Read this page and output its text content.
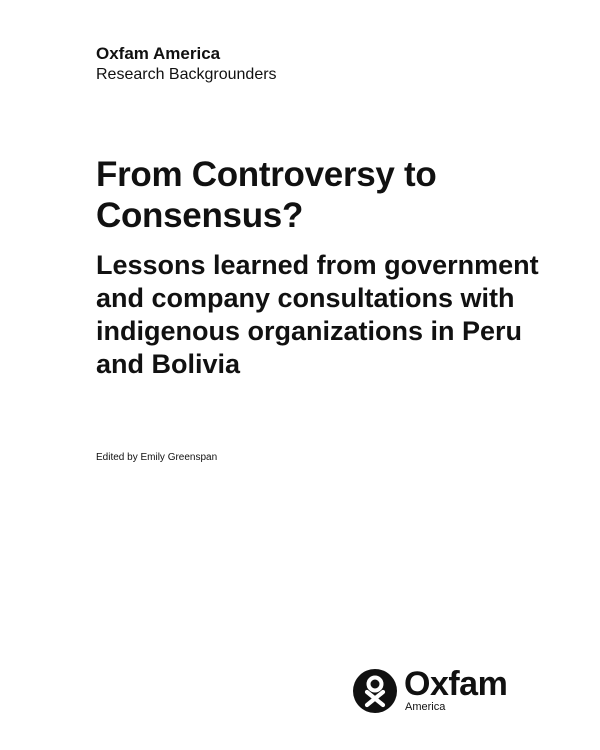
Oxfam America

Research Backgrounders

From Controversy to Consensus?
Lessons learned from government and company consultations with indigenous organizations in Peru and Bolivia

Edited by Emily Greenspan

Oxfam
America
